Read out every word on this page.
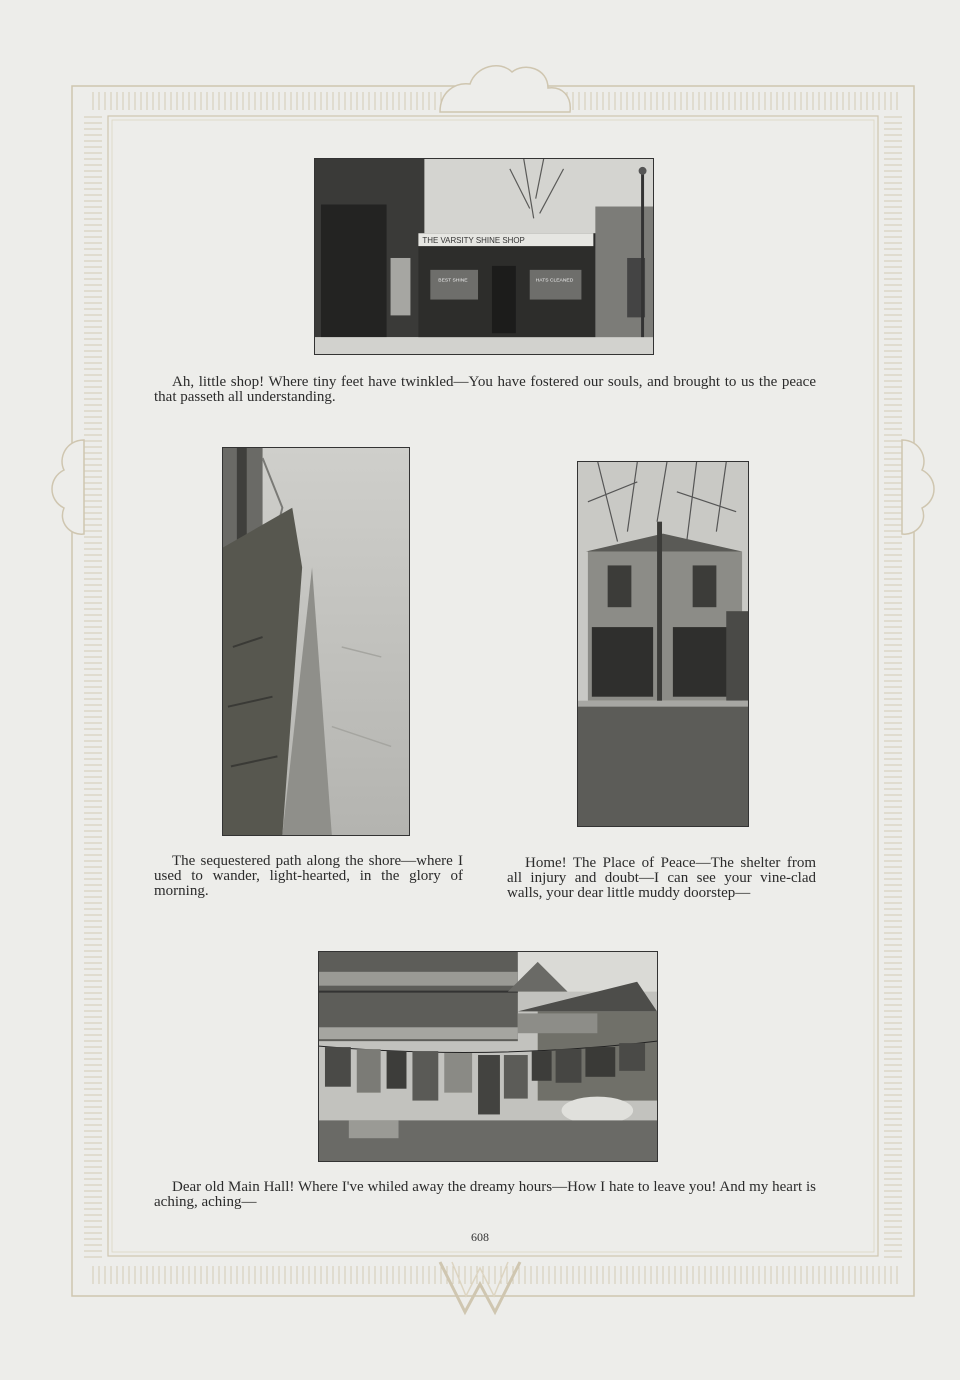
THE VARSITY SHINE SHOP
BEST SHINE	HATS CLEANED
Ah, little shop! Where tiny feet have twinkled—You have fostered our souls, and brought to us the peace that passeth all understanding.
The sequestered path along the shore—where I used to wander, light-hearted, in the glory of morning.
Home! The Place of Peace—The shelter from all injury and doubt—I can see your vine-clad walls, your dear little muddy doorstep—
Dear old Main Hall! Where I've whiled away the dreamy hours—How I hate to leave you! And my heart is aching, aching—
608
